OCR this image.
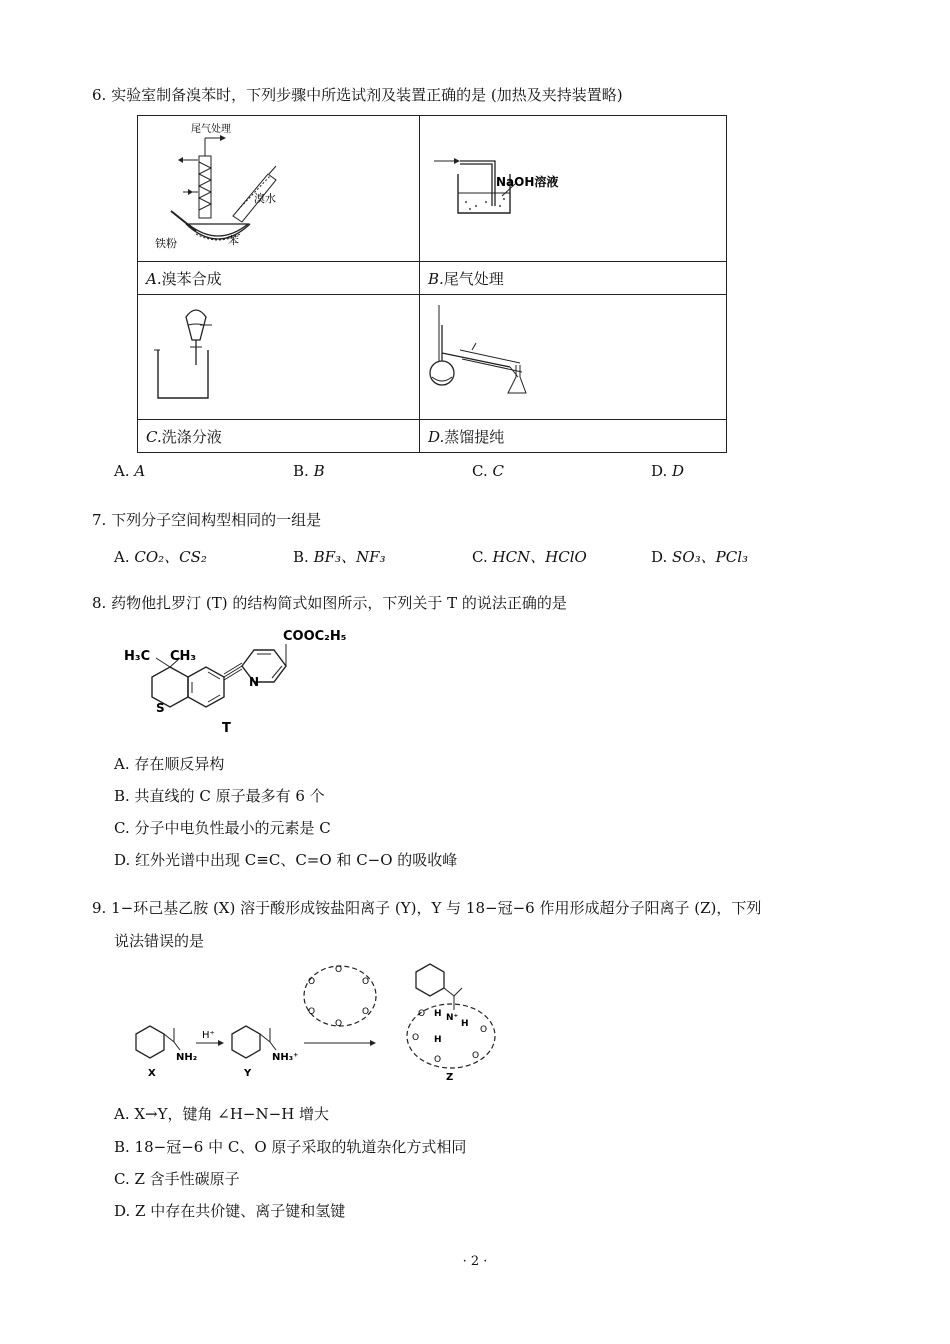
6. 实验室制备溴苯时，下列步骤中所选试剂及装置正确的是 (加热及夹持装置略)
尾气处理
溴水
铁粉 苯	NaOH溶液

A.溴苯合成	B.尾气处理

C.洗涤分液	D.蒸馏提纯
A. A	B. B	C. C	D. D
7. 下列分子空间构型相同的一组是
A. CO₂、CS₂	B. BF₃、NF₃	C. HCN、HClO	D. SO₃、PCl₃
8. 药物他扎罗汀 (T) 的结构简式如图所示，下列关于 T 的说法正确的是
H₃C CH₃
COOC₂H₅
N
S
T
A. 存在顺反异构
B. 共直线的 C 原子最多有 6 个
C. 分子中电负性最小的元素是 C
D. 红外光谱中出现 C≡C、C=O 和 C−O 的吸收峰
9. 1−环己基乙胺 (X) 溶于酸形成铵盐阳离子 (Y)，Y 与 18−冠−6 作用形成超分子阳离子 (Z)，下列
说法错误的是
NH₂
X
H⁺
NH₃⁺
Y
O
O
O
O
O
O
N⁺
H
H
H
O
O
O
O	O
Z
A. X→Y，键角 ∠H−N−H 增大
B. 18−冠−6 中 C、O 原子采取的轨道杂化方式相同
C. Z 含手性碳原子
D. Z 中存在共价键、离子键和氢键
· 2 ·
